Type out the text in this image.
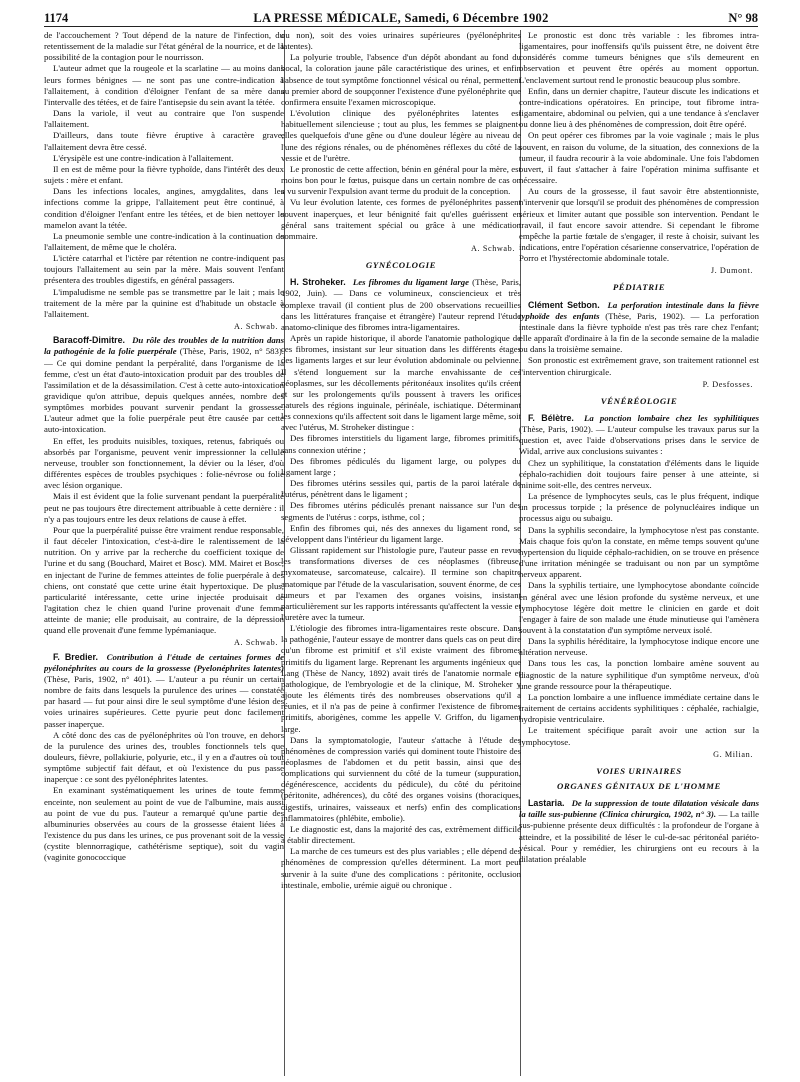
1174	LA PRESSE MÉDICALE, Samedi, 6 Décembre 1902	N° 98

de l'accouchement ? Tout dépend de la nature de l'infection, du retentissement de la maladie sur l'état général de la nourrice, et de la possibilité de la contagion pour le nourrisson.

L'auteur admet que la rougeole et la scarlatine — au moins dans leurs formes bénignes — ne sont pas une contre-indication à l'allaitement, à condition d'éloigner l'enfant de sa mère dans l'intervalle des tétées, et de faire l'antisepsie du sein avant la tétée.

Dans la variole, il veut au contraire que l'on suspende l'allaitement.

D'ailleurs, dans toute fièvre éruptive à caractère grave, l'allaitement devra être cessé.

L'érysipèle est une contre-indication à l'allaitement.

Il en est de même pour la fièvre typhoïde, dans l'intérêt des deux sujets : mère et enfant.

Dans les infections locales, angines, amygdalites, dans les infections comme la grippe, l'allaitement peut être continué, à condition d'éloigner l'enfant entre les tétées, et de bien nettoyer le mamelon avant la tétée.

La pneumonie semble une contre-indication à la continuation de l'allaitement, de même que le choléra.

L'ictère catarrhal et l'ictère par rétention ne contre-indiquent pas toujours l'allaitement au sein par la mère. Mais souvent l'enfant présentera des troubles digestifs, en général passagers.

L'impaludisme ne semble pas se transmettre par le lait ; mais le traitement de la mère par la quinine est d'habitude un obstacle à l'allaitement.

A. Schwab.

Baracoff-Dimitre. Du rôle des troubles de la nutrition dans la pathogénie de la folie puerpérale (Thèse, Paris, 1902, n° 583). — Ce qui domine pendant la perpéralité, dans l'organisme de la femme, c'est un état d'auto-intoxication produit par des troubles de l'assimilation et de la désassimilation. C'est à cette auto-intoxication gravidique qu'on attribue, depuis quelques années, nombre des symptômes morbides pouvant survenir pendant la grossesse. L'auteur admet que la folie puerpérale peut être causée par cette auto-intoxication.

En effet, les produits nuisibles, toxiques, retenus, fabriqués ou absorbés par l'organisme, peuvent venir impressionner la cellule nerveuse, troubler son fonctionnement, la dévier ou la léser, d'où différentes espèces de troubles psychiques : folie-névrose ou folie avec lésion organique.

Mais il est évident que la folie survenant pendant la puerpéralité peut ne pas toujours être directement attribuable à cette dernière : il n'y a pas toujours entre les deux relations de cause à effet.

Pour que la puerpéralité puisse être vraiment rendue responsable, il faut déceler l'intoxication, c'est-à-dire le ralentissement de la nutrition. On y arrive par la recherche du coefficient toxique de l'urine et du sang (Bouchard, Mairet et Bosc). MM. Mairet et Bosc, en injectant de l'urine de femmes atteintes de folie puerpérale à des chiens, ont constaté que cette urine était hypertoxique. De plus, particularité intéressante, cette urine injectée produisait de l'agitation chez le chien quand l'urine provenait d'une femme atteinte de manie; elle produisait, au contraire, de la dépression quand elle provenait d'une femme lypémaniaque.

A. Schwab.

F. Bredier. Contribution à l'étude de certaines formes de pyélonéphrites au cours de la grossesse (Pyelonéphrites latentes) (Thèse, Paris, 1902, n° 401). — L'auteur a pu réunir un certain nombre de faits dans lesquels la purulence des urines — constatée par hasard — fut pour ainsi dire le seul symptôme d'une lésion des voies urinaires supérieures. Cette pyurie peut donc facilement passer inaperçue.

A côté donc des cas de pyélonéphrites où l'on trouve, en dehors de la purulence des urines des, troubles fonctionnels tels que douleurs, fièvre, pollakiurie, polyurie, etc., il y en a d'autres où tout symptôme subjectif fait défaut, et où l'existence du pus passe inaperçue : ce sont des pyélonéphrites latentes.

En examinant systématiquement les urines de toute femme enceinte, non seulement au point de vue de l'albumine, mais aussi au point de vue du pus. l'auteur a remarqué qu'une partie des albuminuries observées au cours de la grossesse étaient liées à l'existence du pus dans les urines, ce pus provenant soit de la vessie (cystite blennorragique, cathétérisme septique), soit du vagin (vaginite gonococcique

ou non), soit des voies urinaires supérieures (pyélonéphrites latentes).

La polyurie trouble, l'absence d'un dépôt abondant au fond du bocal, la coloration jaune pâle caractéristique des urines, et enfin l'absence de tout symptôme fonctionnel vésical ou rénal, permettent au premier abord de soupçonner l'existence d'une pyélonéphrite que confirmera ensuite l'examen microscopique.

L'évolution clinique des pyélonéphrites latentes est habituellement silencieuse ; tout au plus, les femmes se plaignent-elles quelquefois d'une gêne ou d'une douleur légère au niveau de l'une des régions rénales, ou de phénomènes réflexes du côté de la vessie et de l'urètre.

Le pronostic de cette affection, bénin en général pour la mère, est moins bon pour le fœtus, puisque dans un certain nombre de cas on a vu survenir l'expulsion avant terme du produit de la conception.

Vu leur évolution latente, ces formes de pyélonéphrites passent souvent inaperçues, et leur bénignité fait qu'elles guérissent en général sans traitement spécial ou grâce à une médication sommaire.

A. Schwab.
GYNÉCOLOGIE

H. Stroheker. Les fibromes du ligament large (Thèse, Paris, 1902, Juin). — Dans ce volumineux, consciencieux et très complexe travail (il contient plus de 200 observations recueillies dans les littératures française et étrangère) l'auteur reprend l'étude anatomo-clinique des fibromes intra-ligamentaires.

Après un rapide historique, il aborde l'anatomie pathologique de ces fibromes, insistant sur leur situation dans les différents étages des ligaments larges et sur leur évolution abdominale ou pelvienne. Il s'étend longuement sur la marche envahissante de ces néoplasmes, sur les décollements péritonéaux insolites qu'ils créent et sur les prolongements qu'ils poussent à travers les orifices naturels des régions inguinale, périnéale, ischiatique. Déterminant les connexions qu'ils affectent soit dans le ligament large même, soit avec l'utérus, M. Stroheker distingue :

Des fibromes interstitiels du ligament large, fibromes primitifs, sans connexion utérine ;

Des fibromes pédiculés du ligament large, ou polypes du ligament large ;

Des fibromes utérins sessiles qui, partis de la paroi latérale de l'utérus, pénètrent dans le ligament ;

Des fibromes utérins pédiculés prenant naissance sur l'un des segments de l'utérus : corps, isthme, col ;

Enfin des fibromes qui, nés des annexes du ligament rond, se développent dans l'intérieur du ligament large.

Glissant rapidement sur l'histologie pure, l'auteur passe en revue les transformations diverses de ces néoplasmes (fibreuse, myxomateuse, sarcomateuse, calcaire). Il termine son chapitre anatomique par l'étude de la vascularisation, souvent énorme, de ces tumeurs et par l'examen des organes voisins, insistant particulièrement sur les rapports intéressants qu'affectent la vessie et l'uretère avec la tumeur.

L'étiologie des fibromes intra-ligamentaires reste obscure. Dans la pathogénie, l'auteur essaye de montrer dans quels cas on peut dire qu'un fibrome est primitif et s'il existe vraiment des fibromes primitifs du ligament large. Reprenant les arguments ingénieux que Lang (Thèse de Nancy, 1892) avait tirés de l'anatomie normale et pathologique, de l'embryologie et de la clinique, M. Stroheker y ajoute les éléments tirés des nombreuses observations qu'il a réunies, et il n'a pas de peine à confirmer l'existence de fibromes primitifs, aborigènes, comme les appelle V. Griffon, du ligament large.

Dans la symptomatologie, l'auteur s'attache à l'étude des phénomènes de compression variés qui dominent toute l'histoire des néoplasmes de l'abdomen et du petit bassin, ainsi que des complications qui surviennent du côté de la tumeur (suppuration, dégénérescence, accidents du pédicule), du côté du péritoine (péritonite, adhérences), du côté des organes voisins (thoraciques, digestifs, urinaires, vaisseaux et nerfs) enfin des complications inflammatoires (phlébite, embolie).

Le diagnostic est, dans la majorité des cas, extrêmement difficile à établir directement.

La marche de ces tumeurs est des plus variables ; elle dépend des phénomènes de compression qu'elles déterminent. La mort peut survenir à la suite d'une des complications : péritonite, occlusion intestinale, embolie, urémie aiguë ou chronique .

Le pronostic est donc très variable : les fibromes intra-ligamentaires, pour inoffensifs qu'ils puissent être, ne doivent être considérés comme tumeurs bénignes que s'ils demeurent en observation et peuvent être opérés au moment opportun. L'enclavement surtout rend le pronostic beaucoup plus sombre.

Enfin, dans un dernier chapitre, l'auteur discute les indications et contre-indications opératoires. En principe, tout fibrome intra-ligamentaire, abdominal ou pelvien, qui a une tendance à s'enclaver ou donne lieu à des phénomènes de compression, doit être opéré.

On peut opérer ces fibromes par la voie vaginale ; mais le plus souvent, en raison du volume, de la situation, des connexions de la tumeur, il faudra recourir à la voie abdominale. Une fois l'abdomen ouvert, il faut s'attacher à faire l'opération minima suffisante et nécessaire.

Au cours de la grossesse, il faut savoir être abstentionniste, n'intervenir que lorsqu'il se produit des phénomènes de compression sérieux et limiter autant que possible son intervention. Pendant le travail, il faut encore savoir attendre. Si cependant le fibrome empêche la partie fœtale de s'engager, il reste à choisir, suivant les indications, entre l'opération césarienne conservatrice, l'opération de Porro et l'hystérectomie abdominale totale.

J. Dumont.
PÉDIATRIE

Clément Setbon. La perforation intestinale dans la fièvre typhoïde des enfants (Thèse, Paris, 1902). — La perforation intestinale dans la fièvre typhoïde n'est pas très rare chez l'enfant; elle apparaît d'ordinaire à la fin de la seconde semaine de la maladie ou dans la troisième semaine.

Son pronostic est extrêmement grave, son traitement rationnel est l'intervention chirurgicale.

P. Desfosses.
VÉNÉRÉOLOGIE

F. Bélètre. La ponction lombaire chez les syphilitiques (Thèse, Paris, 1902). — L'auteur compulse les travaux parus sur la question et, avec l'aide d'observations prises dans le service de Widal, arrive aux conclusions suivantes :

Chez un syphilitique, la constatation d'éléments dans le liquide céphalo-rachidien doit toujours faire penser à une atteinte, si minime soit-elle, des centres nerveux.

La présence de lymphocytes seuls, cas le plus fréquent, indique un processus torpide ; la présence de polynucléaires indique un processus aigu ou subaigu.

Dans la syphilis secondaire, la lymphocytose n'est pas constante. Mais chaque fois qu'on la constate, en même temps souvent qu'une hypertension du liquide céphalo-rachidien, on se trouve en présence d'une irritation méningée se traduisant ou non par un symptôme nerveux apparent.

Dans la syphilis tertiaire, une lymphocytose abondante coïncide en général avec une lésion profonde du système nerveux, et une lymphocytose légère doit mettre le clinicien en garde et doit l'engager à faire de son malade une étude minutieuse qui l'amènera souvent à la constatation d'un symptôme nerveux isolé.

Dans la syphilis héréditaire, la lymphocytose indique encore une altération nerveuse.

Dans tous les cas, la ponction lombaire amène souvent au diagnostic de la nature syphilitique d'un symptôme nerveux, d'où une grande ressource pour la thérapeutique.

La ponction lombaire a une influence immédiate certaine dans le traitement de certains accidents syphilitiques : céphalée, rachialgie, hydropisie ventriculaire.

Le traitement spécifique paraît avoir une action sur la lymphocytose.

G. Milian.
VOIES URINAIRES
ORGANES GÉNITAUX DE L'HOMME

Lastaria. De la suppression de toute dilatation vésicale dans la taille sus-pubienne (Clinica chirurgica, 1902, n° 3). — La taille sus-pubienne présente deux difficultés : la profondeur de l'organe à atteindre, et la possibilité de léser le cul-de-sac péritonéal pariéto-vésical. Pour y remédier, les chirurgiens ont eu recours à la dilatation préalable
